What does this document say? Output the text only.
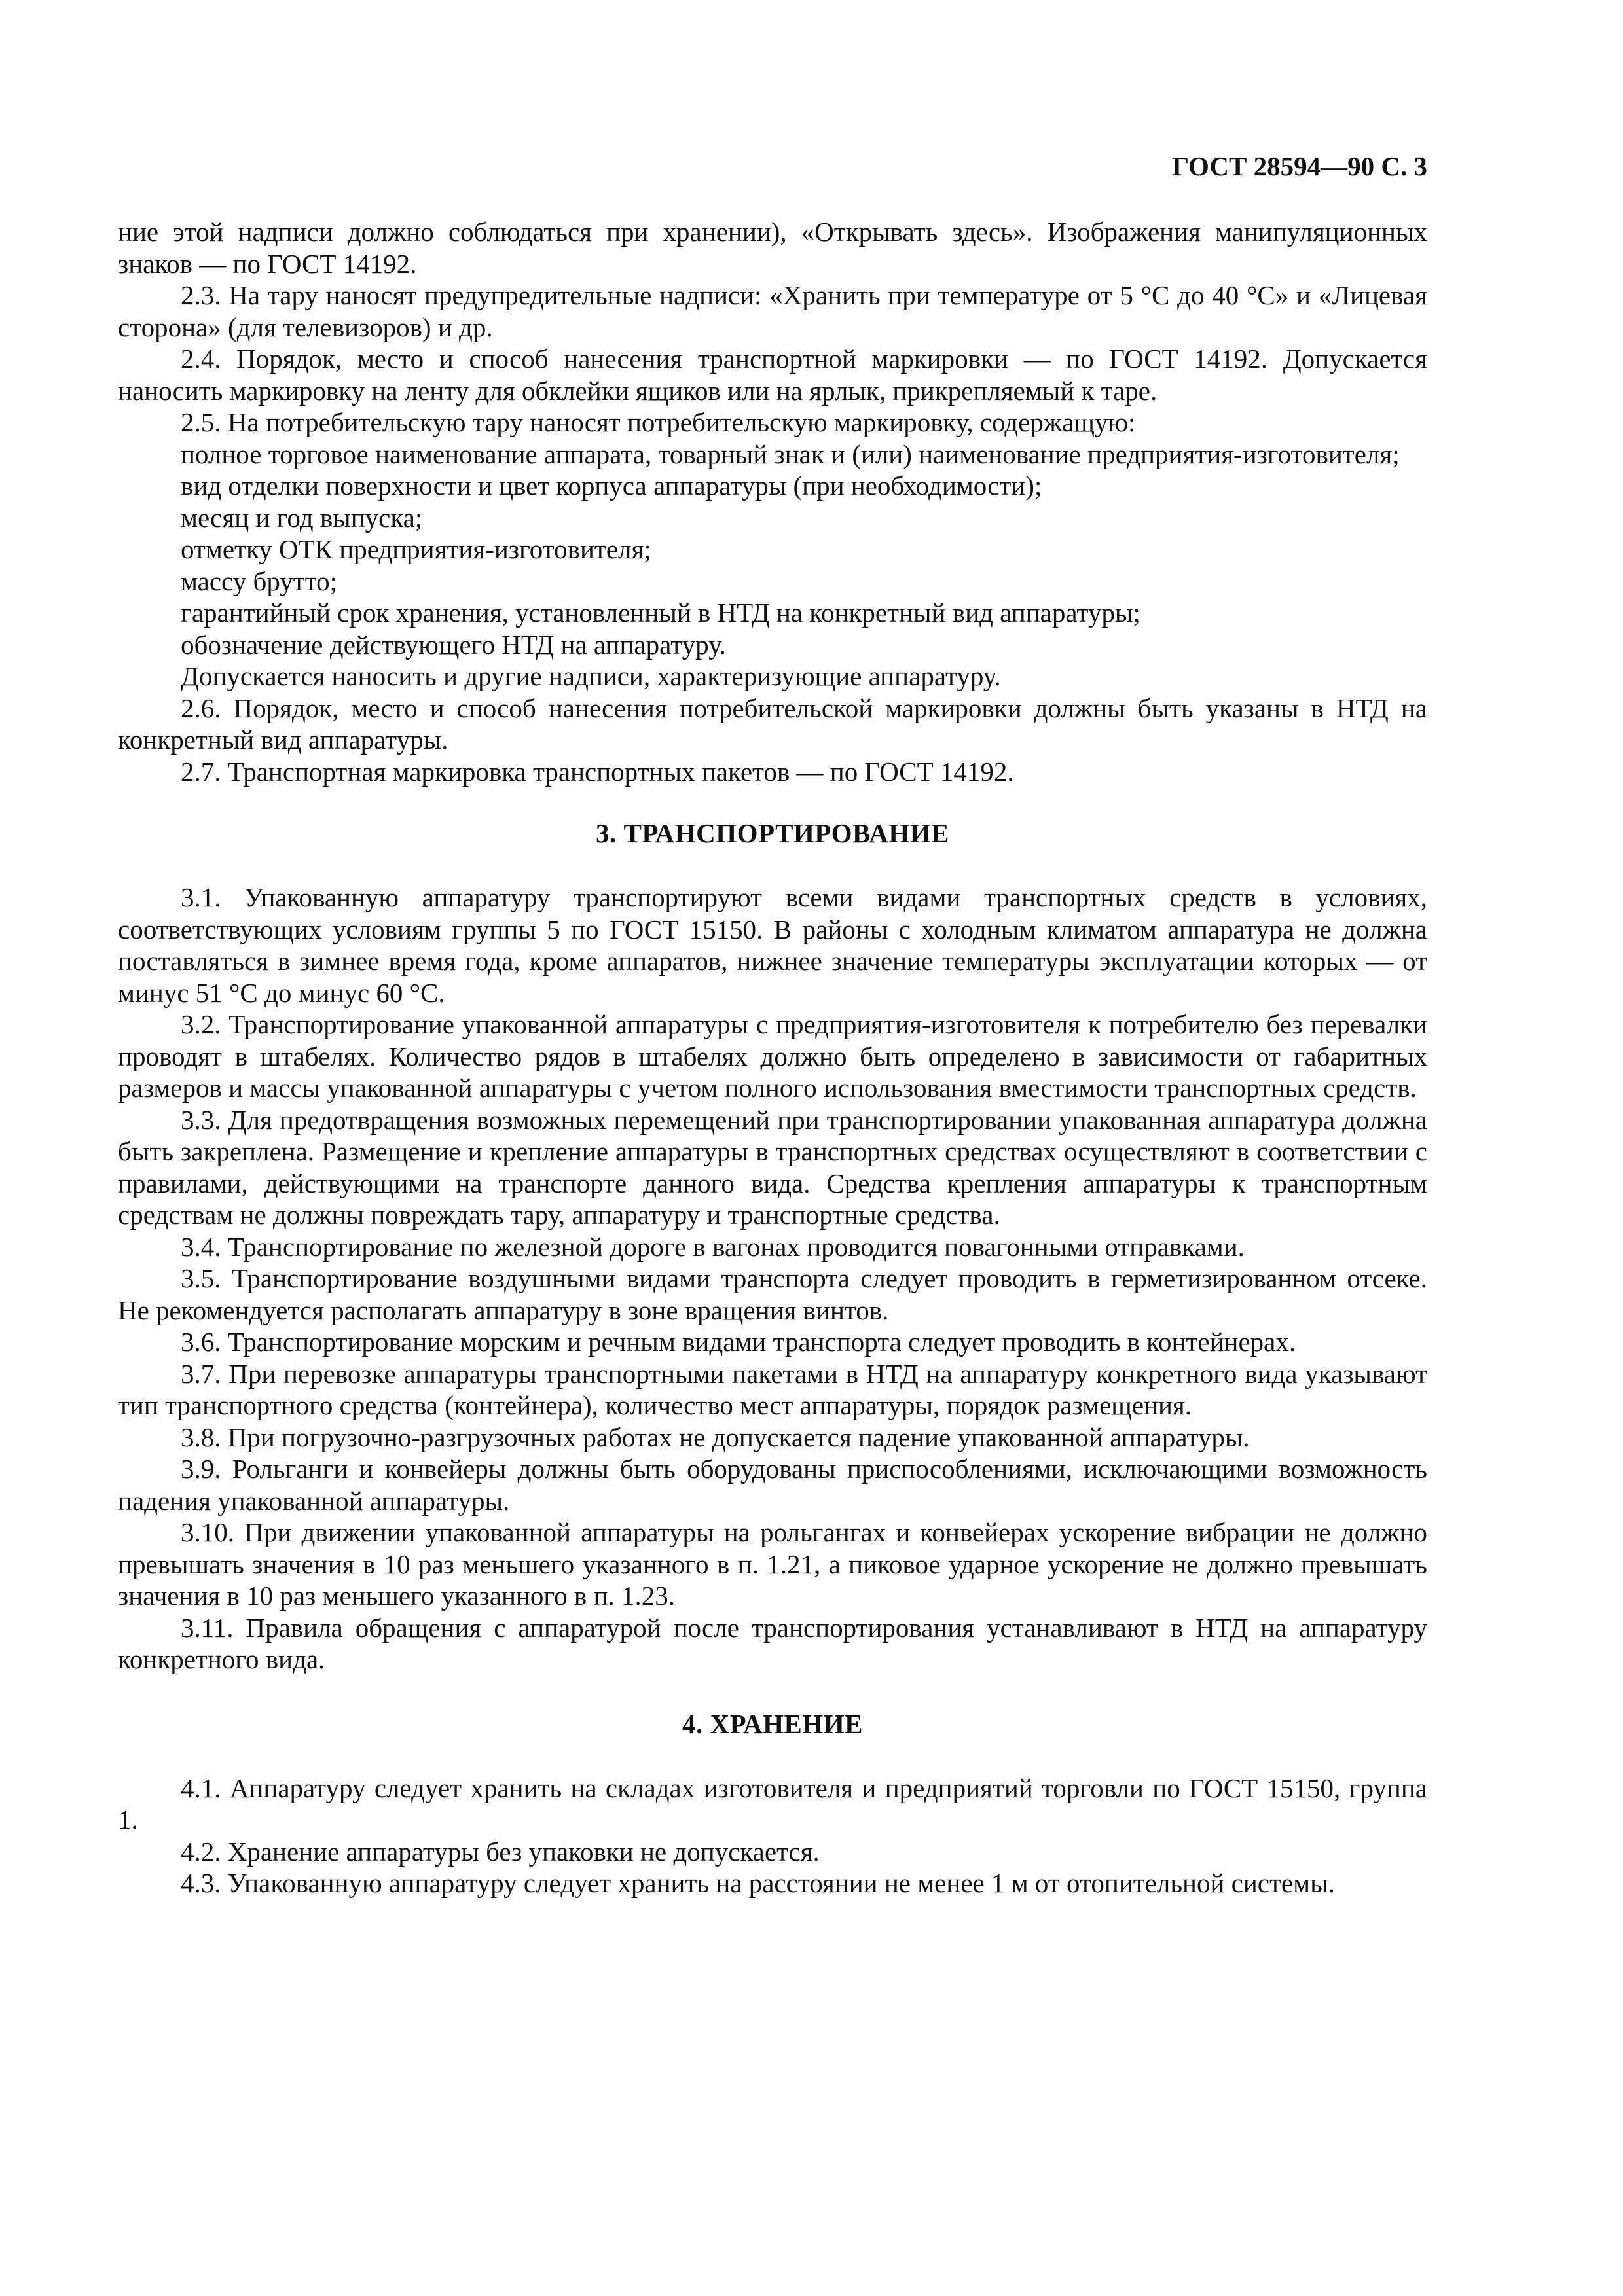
ГОСТ 28594—90 С. 3

ние этой надписи должно соблюдаться при хранении), «Открывать здесь». Изображения манипуляционных знаков — по ГОСТ 14192.

2.3. На тару наносят предупредительные надписи: «Хранить при температуре от 5 °С до 40 °С» и «Лицевая сторона» (для телевизоров) и др.

2.4. Порядок, место и способ нанесения транспортной маркировки — по ГОСТ 14192. Допускается наносить маркировку на ленту для обклейки ящиков или на ярлык, прикрепляемый к таре.

2.5. На потребительскую тару наносят потребительскую маркировку, содержащую:

полное торговое наименование аппарата, товарный знак и (или) наименование предприятия-изготовителя;

вид отделки поверхности и цвет корпуса аппаратуры (при необходимости);

месяц и год выпуска;

отметку ОТК предприятия-изготовителя;

массу брутто;

гарантийный срок хранения, установленный в НТД на конкретный вид аппаратуры;

обозначение действующего НТД на аппаратуру.

Допускается наносить и другие надписи, характеризующие аппаратуру.

2.6. Порядок, место и способ нанесения потребительской маркировки должны быть указаны в НТД на конкретный вид аппаратуры.

2.7. Транспортная маркировка транспортных пакетов — по ГОСТ 14192.

3. ТРАНСПОРТИРОВАНИЕ

3.1. Упакованную аппаратуру транспортируют всеми видами транспортных средств в условиях, соответствующих условиям группы 5 по ГОСТ 15150. В районы с холодным климатом аппаратура не должна поставляться в зимнее время года, кроме аппаратов, нижнее значение температуры эксплуатации которых — от минус 51 °С до минус 60 °С.

3.2. Транспортирование упакованной аппаратуры с предприятия-изготовителя к потребителю без перевалки проводят в штабелях. Количество рядов в штабелях должно быть определено в зависимости от габаритных размеров и массы упакованной аппаратуры с учетом полного использования вместимости транспортных средств.

3.3. Для предотвращения возможных перемещений при транспортировании упакованная аппаратура должна быть закреплена. Размещение и крепление аппаратуры в транспортных средствах осуществляют в соответствии с правилами, действующими на транспорте данного вида. Средства крепления аппаратуры к транспортным средствам не должны повреждать тару, аппаратуру и транспортные средства.

3.4. Транспортирование по железной дороге в вагонах проводится повагонными отправками.

3.5. Транспортирование воздушными видами транспорта следует проводить в герметизированном отсеке. Не рекомендуется располагать аппаратуру в зоне вращения винтов.

3.6. Транспортирование морским и речным видами транспорта следует проводить в контейнерах.

3.7. При перевозке аппаратуры транспортными пакетами в НТД на аппаратуру конкретного вида указывают тип транспортного средства (контейнера), количество мест аппаратуры, порядок размещения.

3.8. При погрузочно-разгрузочных работах не допускается падение упакованной аппаратуры.

3.9. Рольганги и конвейеры должны быть оборудованы приспособлениями, исключающими возможность падения упакованной аппаратуры.

3.10. При движении упакованной аппаратуры на рольгангах и конвейерах ускорение вибрации не должно превышать значения в 10 раз меньшего указанного в п. 1.21, а пиковое ударное ускорение не должно превышать значения в 10 раз меньшего указанного в п. 1.23.

3.11. Правила обращения с аппаратурой после транспортирования устанавливают в НТД на аппаратуру конкретного вида.

4. ХРАНЕНИЕ

4.1. Аппаратуру следует хранить на складах изготовителя и предприятий торговли по ГОСТ 15150, группа 1.

4.2. Хранение аппаратуры без упаковки не допускается.

4.3. Упакованную аппаратуру следует хранить на расстоянии не менее 1 м от отопительной системы.
